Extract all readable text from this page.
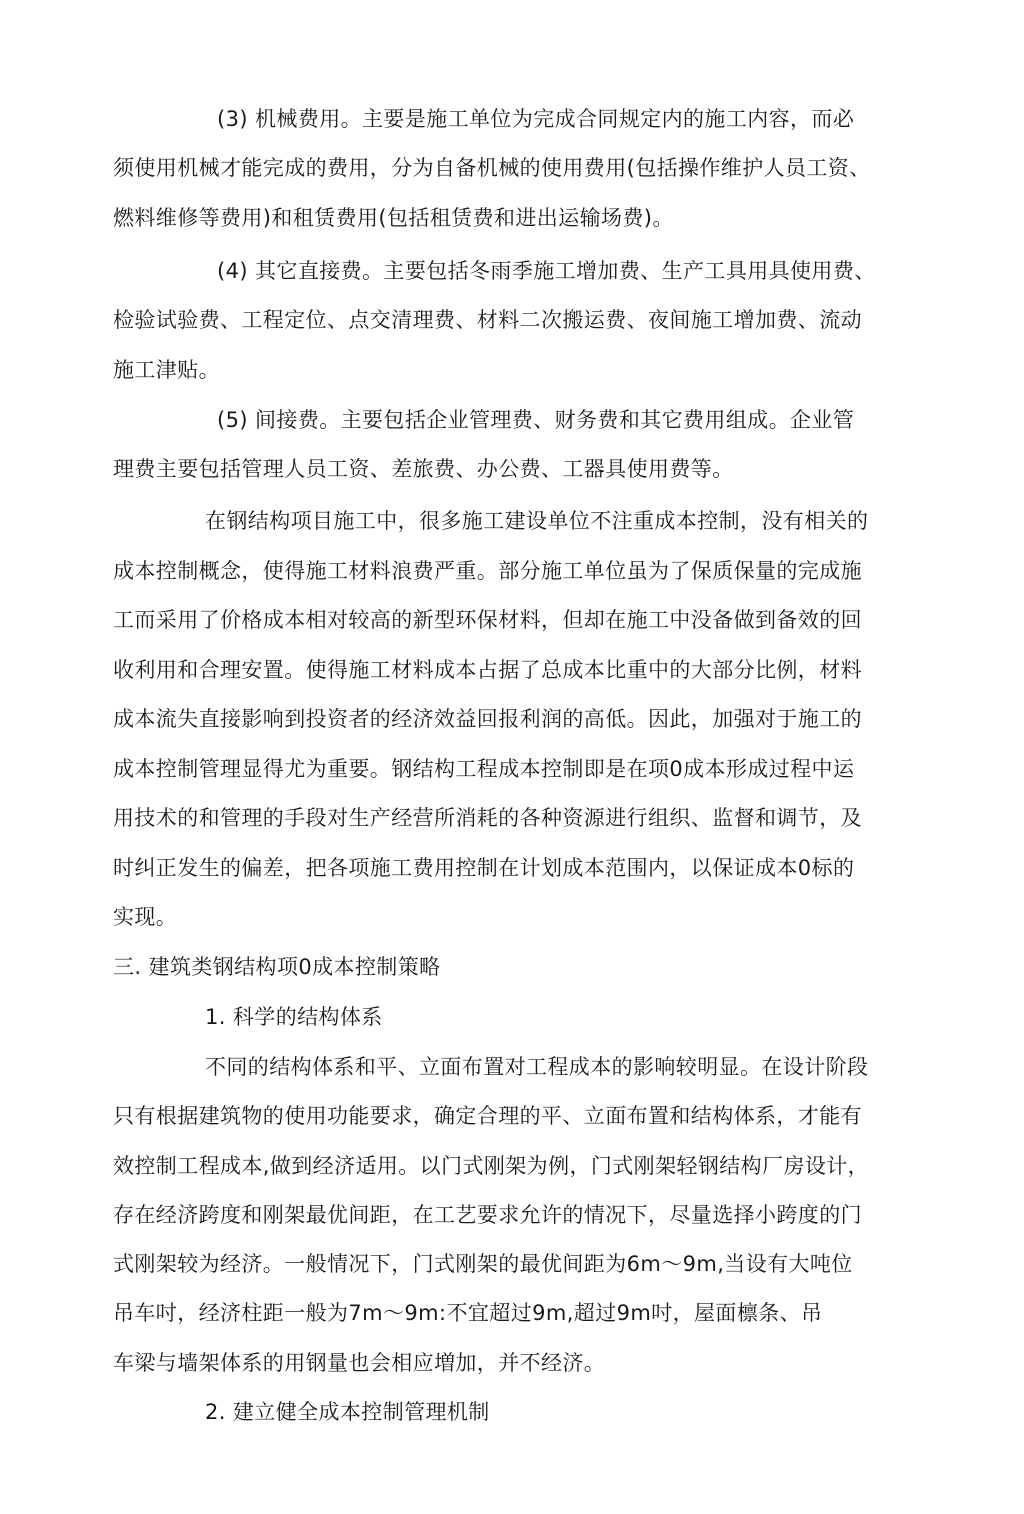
(3) 机械费用。主要是施工单位为完成合同规定内的施工内容，而必
须使用机械才能完成的费用，分为自备机械的使用费用(包括操作维护人员工资、
燃料维修等费用)和租赁费用(包括租赁费和进出运输场费)。
(4) 其它直接费。主要包括冬雨季施工增加费、生产工具用具使用费、
检验试验费、工程定位、点交清理费、材料二次搬运费、夜间施工增加费、流动
施工津贴。
(5) 间接费。主要包括企业管理费、财务费和其它费用组成。企业管
理费主要包括管理人员工资、差旅费、办公费、工器具使用费等。
在钢结构项目施工中，很多施工建设单位不注重成本控制，没有相关的
成本控制概念，使得施工材料浪费严重。部分施工单位虽为了保质保量的完成施
工而采用了价格成本相对较高的新型环保材料，但却在施工中没备做到备效的回
收利用和合理安置。使得施工材料成本占据了总成本比重中的大部分比例，材料
成本流失直接影响到投资者的经济效益回报利润的高低。因此，加强对于施工的
成本控制管理显得尤为重要。钢结构工程成本控制即是在项0成本形成过程中运
用技术的和管理的手段对生产经营所消耗的各种资源进行组织、监督和调节，及
时纠正发生的偏差，把各项施工费用控制在计划成本范围内，以保证成本0标的
实现。
三. 建筑类钢结构项0成本控制策略
1. 科学的结构体系
不同的结构体系和平、立面布置对工程成本的影响较明显。在设计阶段
只有根据建筑物的使用功能要求，确定合理的平、立面布置和结构体系，才能有
效控制工程成本,做到经济适用。以门式刚架为例，门式刚架轻钢结构厂房设计，
存在经济跨度和刚架最优间距，在工艺要求允许的情况下，尽量选择小跨度的门
式刚架较为经济。一般情况下，门式刚架的最优间距为6m～9m,当设有大吨位
吊车吋，经济柱距一般为7m～9m:不宜超过9m,超过9m吋，屋面檩条、吊
车梁与墙架体系的用钢量也会相应増加，并不经济。
2. 建立健全成本控制管理机制
